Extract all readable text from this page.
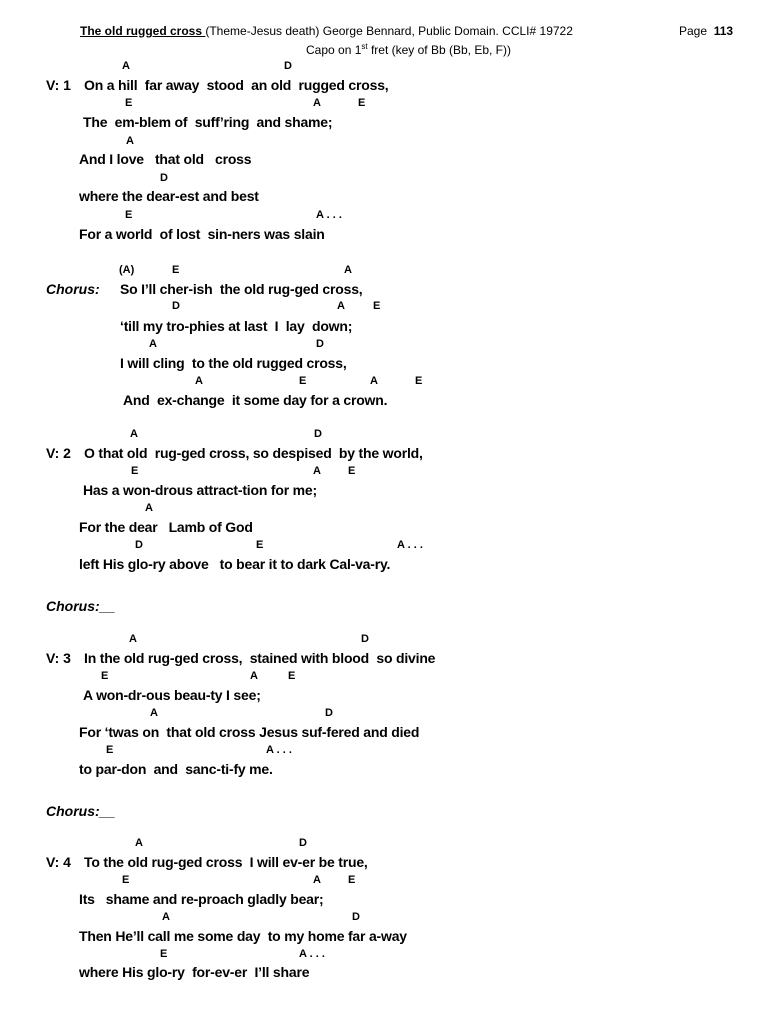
The old rugged cross (Theme-Jesus death) George Bennard, Public Domain. CCLI# 19722
Capo on 1st fret (key of Bb (Bb, Eb, F))
Page 113
A	D
V: 1 On a hill  far away  stood  an old  rugged cross,
E	A	E
The  em-blem of  suff’ring  and shame;
A
And I love   that old   cross
D
where the dear-est and best
E	A . . .
For a world  of lost  sin-ners was slain
(A)	E	A
Chorus: So I’ll cher-ish  the old rug-ged cross,
D	A	E
‘till my tro-phies at last  I  lay  down;
A	D
I will cling  to the old rugged cross,
A	E	A	E
And  ex-change  it some day for a crown.
A	D
V: 2 O that old  rug-ged cross, so despised  by the world,
E	A E
Has a won-drous attract-tion for me;
A
For the dear   Lamb of God
D	E	A . . .
left His glo-ry above   to bear it to dark Cal-va-ry.
Chorus:__
A	D
V: 3 In the old rug-ged cross,  stained with blood  so divine
E	A	E
A won-dr-ous beau-ty I see;
A	D
For ‘twas on  that old cross Jesus suf-fered and died
E	A . . .
to par-don  and  sanc-ti-fy me.
Chorus:__
A	D
V: 4 To the old rug-ged cross  I will ev-er be true,
E	A E
Its   shame and re-proach gladly bear;
A	D
Then He’ll call me some day  to my home far a-way
E	A . . .
where His glo-ry  for-ev-er  I’ll share
